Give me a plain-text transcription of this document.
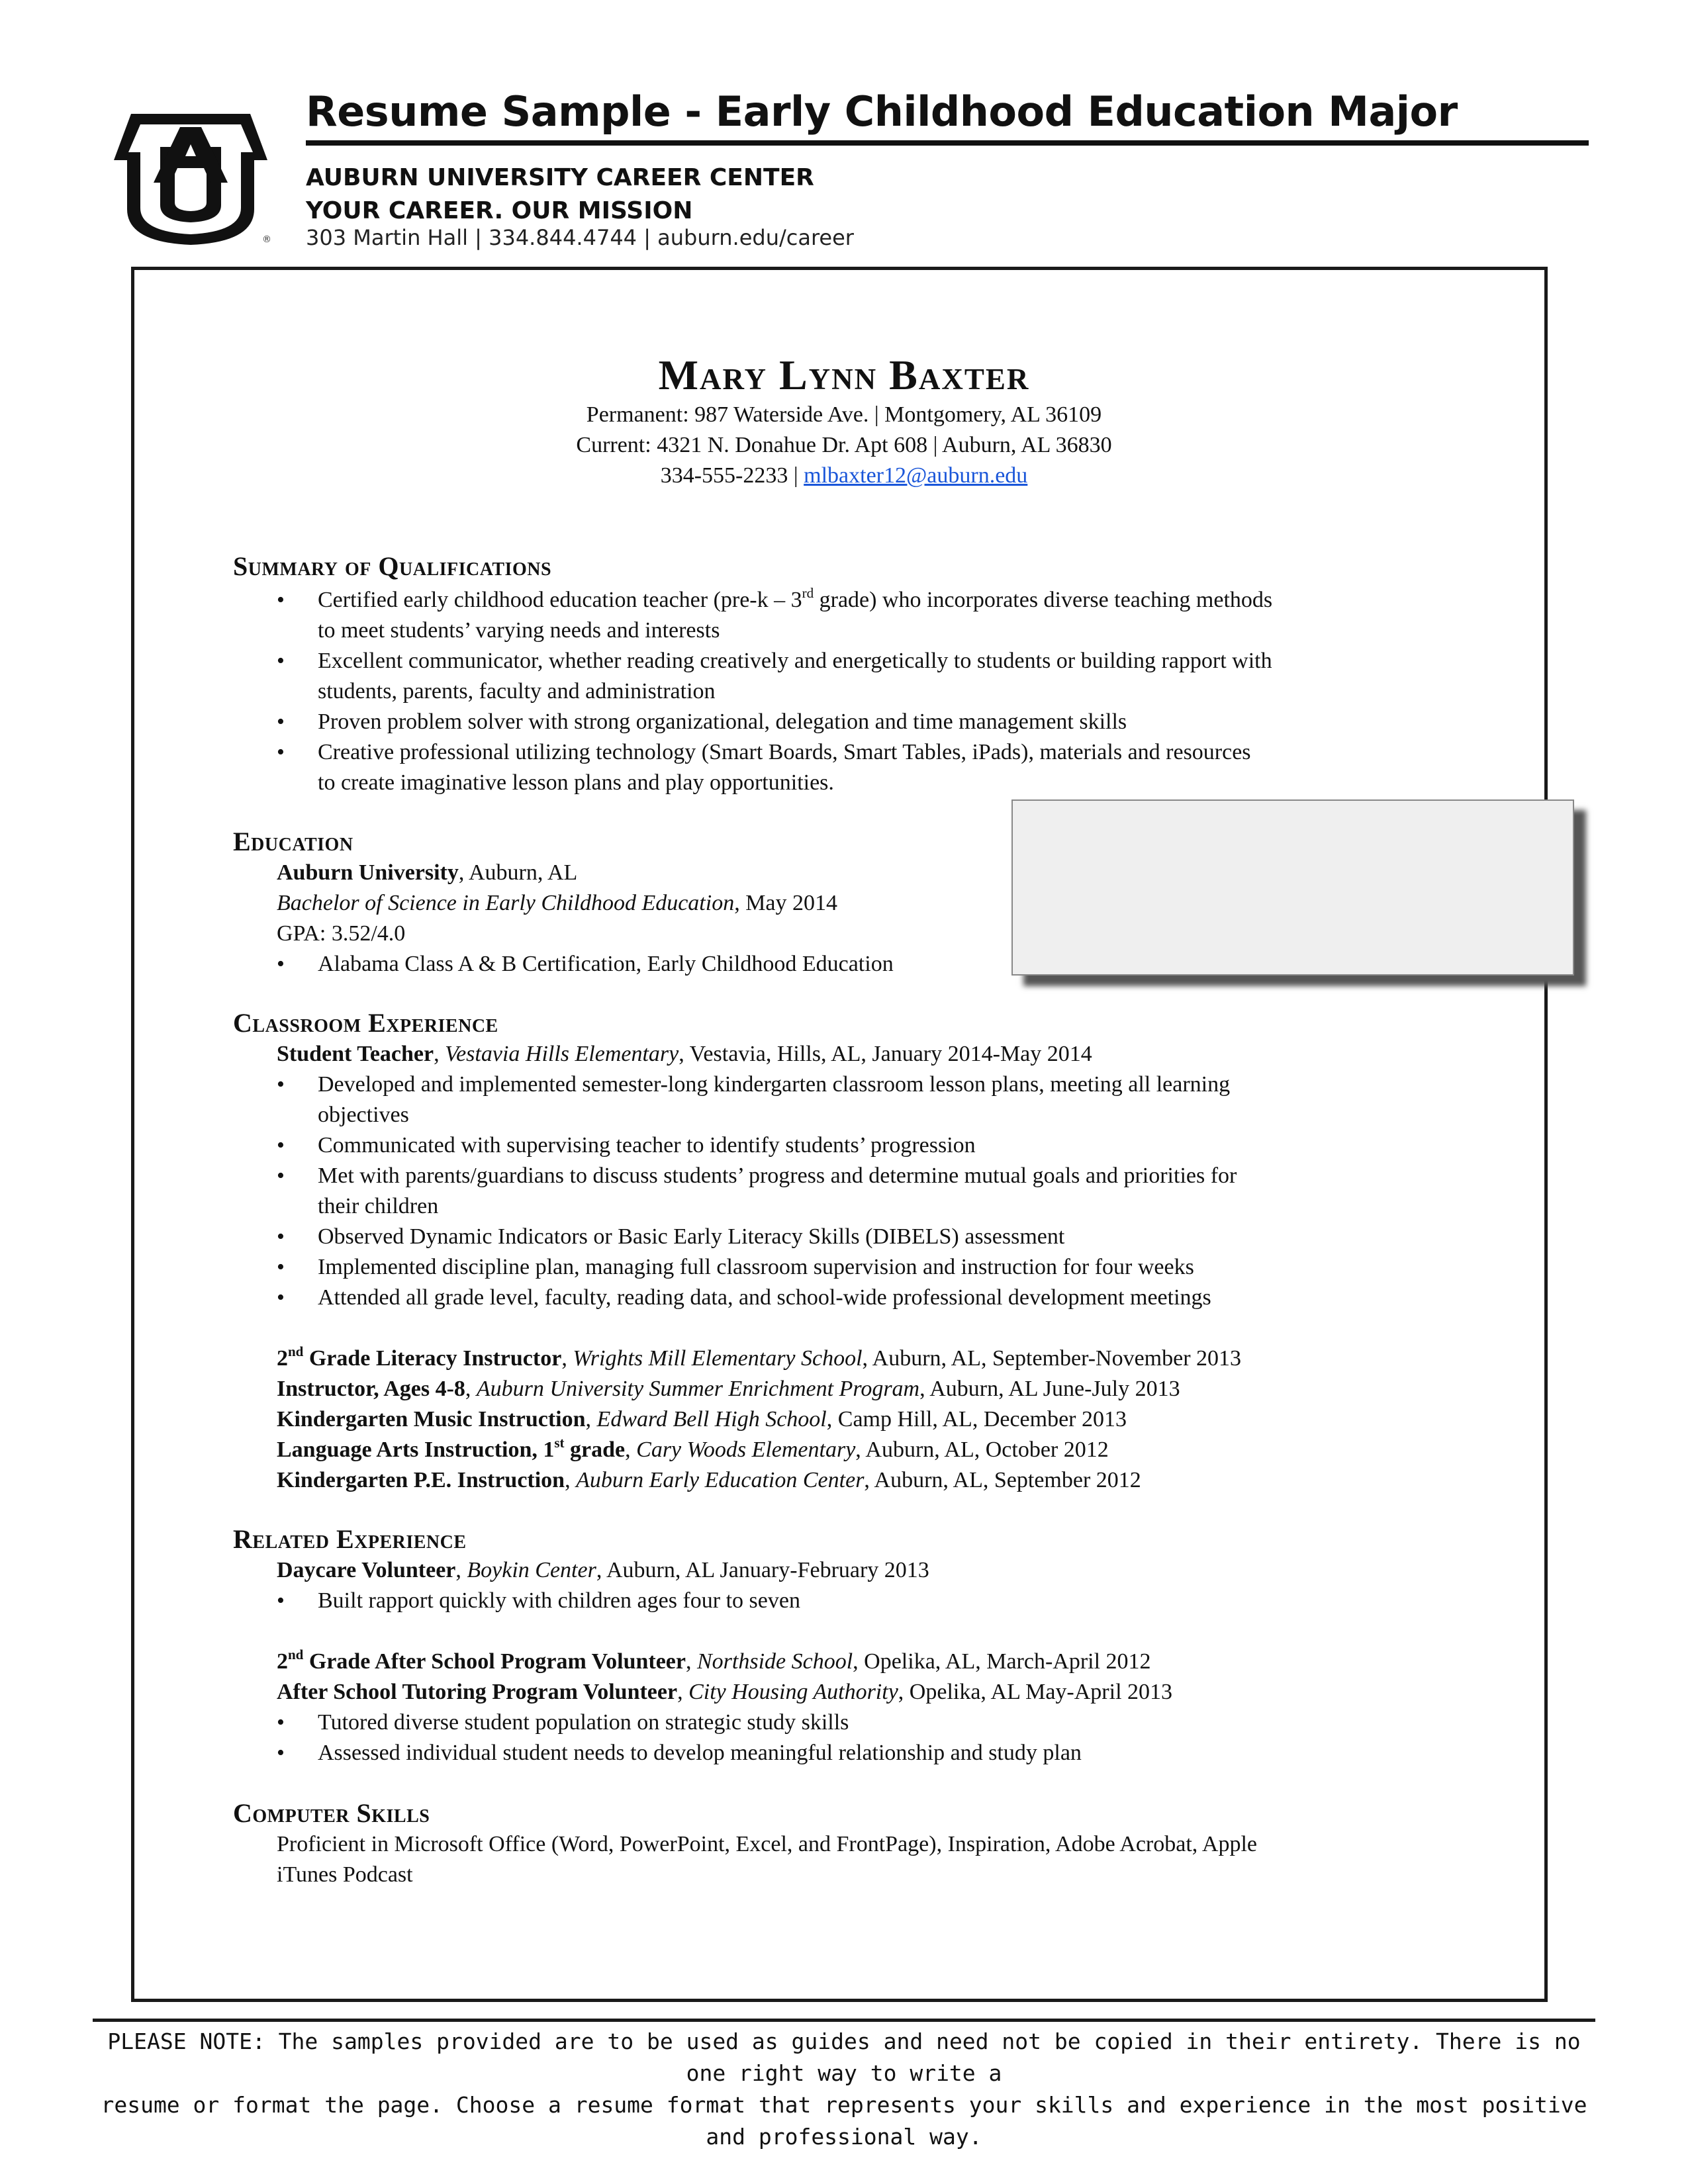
®
Resume Sample - Early Childhood Education Major
AUBURN UNIVERSITY CAREER CENTER
YOUR CAREER. OUR MISSION
303 Martin Hall | 334.844.4744 | auburn.edu/career
Mary Lynn Baxter
Permanent: 987 Waterside Ave. | Montgomery, AL 36109
Current: 4321 N. Donahue Dr. Apt 608 | Auburn, AL 36830
334-555-2233 | mlbaxter12@auburn.edu
Summary of Qualifications
• Certified early childhood education teacher (pre-k – 3rd grade) who incorporates diverse teaching methods
to meet students’ varying needs and interests
• Excellent communicator, whether reading creatively and energetically to students or building rapport with
students, parents, faculty and administration
• Proven problem solver with strong organizational, delegation and time management skills
• Creative professional utilizing technology (Smart Boards, Smart Tables, iPads), materials and resources
to create imaginative lesson plans and play opportunities.
Education
Auburn University, Auburn, AL
Bachelor of Science in Early Childhood Education, May 2014
GPA: 3.52/4.0
• Alabama Class A & B Certification, Early Childhood Education
Classroom Experience
Student Teacher, Vestavia Hills Elementary, Vestavia, Hills, AL, January 2014-May 2014
• Developed and implemented semester-long kindergarten classroom lesson plans, meeting all learning
objectives
• Communicated with supervising teacher to identify students’ progression
• Met with parents/guardians to discuss students’ progress and determine mutual goals and priorities for
their children
• Observed Dynamic Indicators or Basic Early Literacy Skills (DIBELS) assessment
• Implemented discipline plan, managing full classroom supervision and instruction for four weeks
• Attended all grade level, faculty, reading data, and school-wide professional development meetings
2nd Grade Literacy Instructor, Wrights Mill Elementary School, Auburn, AL, September-November 2013
Instructor, Ages 4-8, Auburn University Summer Enrichment Program, Auburn, AL June-July 2013
Kindergarten Music Instruction, Edward Bell High School, Camp Hill, AL, December 2013
Language Arts Instruction, 1st grade, Cary Woods Elementary, Auburn, AL, October 2012
Kindergarten P.E. Instruction, Auburn Early Education Center, Auburn, AL, September 2012
Related Experience
Daycare Volunteer, Boykin Center, Auburn, AL January-February 2013
• Built rapport quickly with children ages four to seven
2nd Grade After School Program Volunteer, Northside School, Opelika, AL, March-April 2012
After School Tutoring Program Volunteer, City Housing Authority, Opelika, AL May-April 2013
• Tutored diverse student population on strategic study skills
• Assessed individual student needs to develop meaningful relationship and study plan
Computer Skills
Proficient in Microsoft Office (Word, PowerPoint, Excel, and FrontPage), Inspiration, Adobe Acrobat, Apple
iTunes Podcast
PLEASE NOTE: The samples provided are to be used as guides and need not be copied in their entirety. There is no one right way to write a
resume or format the page. Choose a resume format that represents your skills and experience in the most positive and professional way.
